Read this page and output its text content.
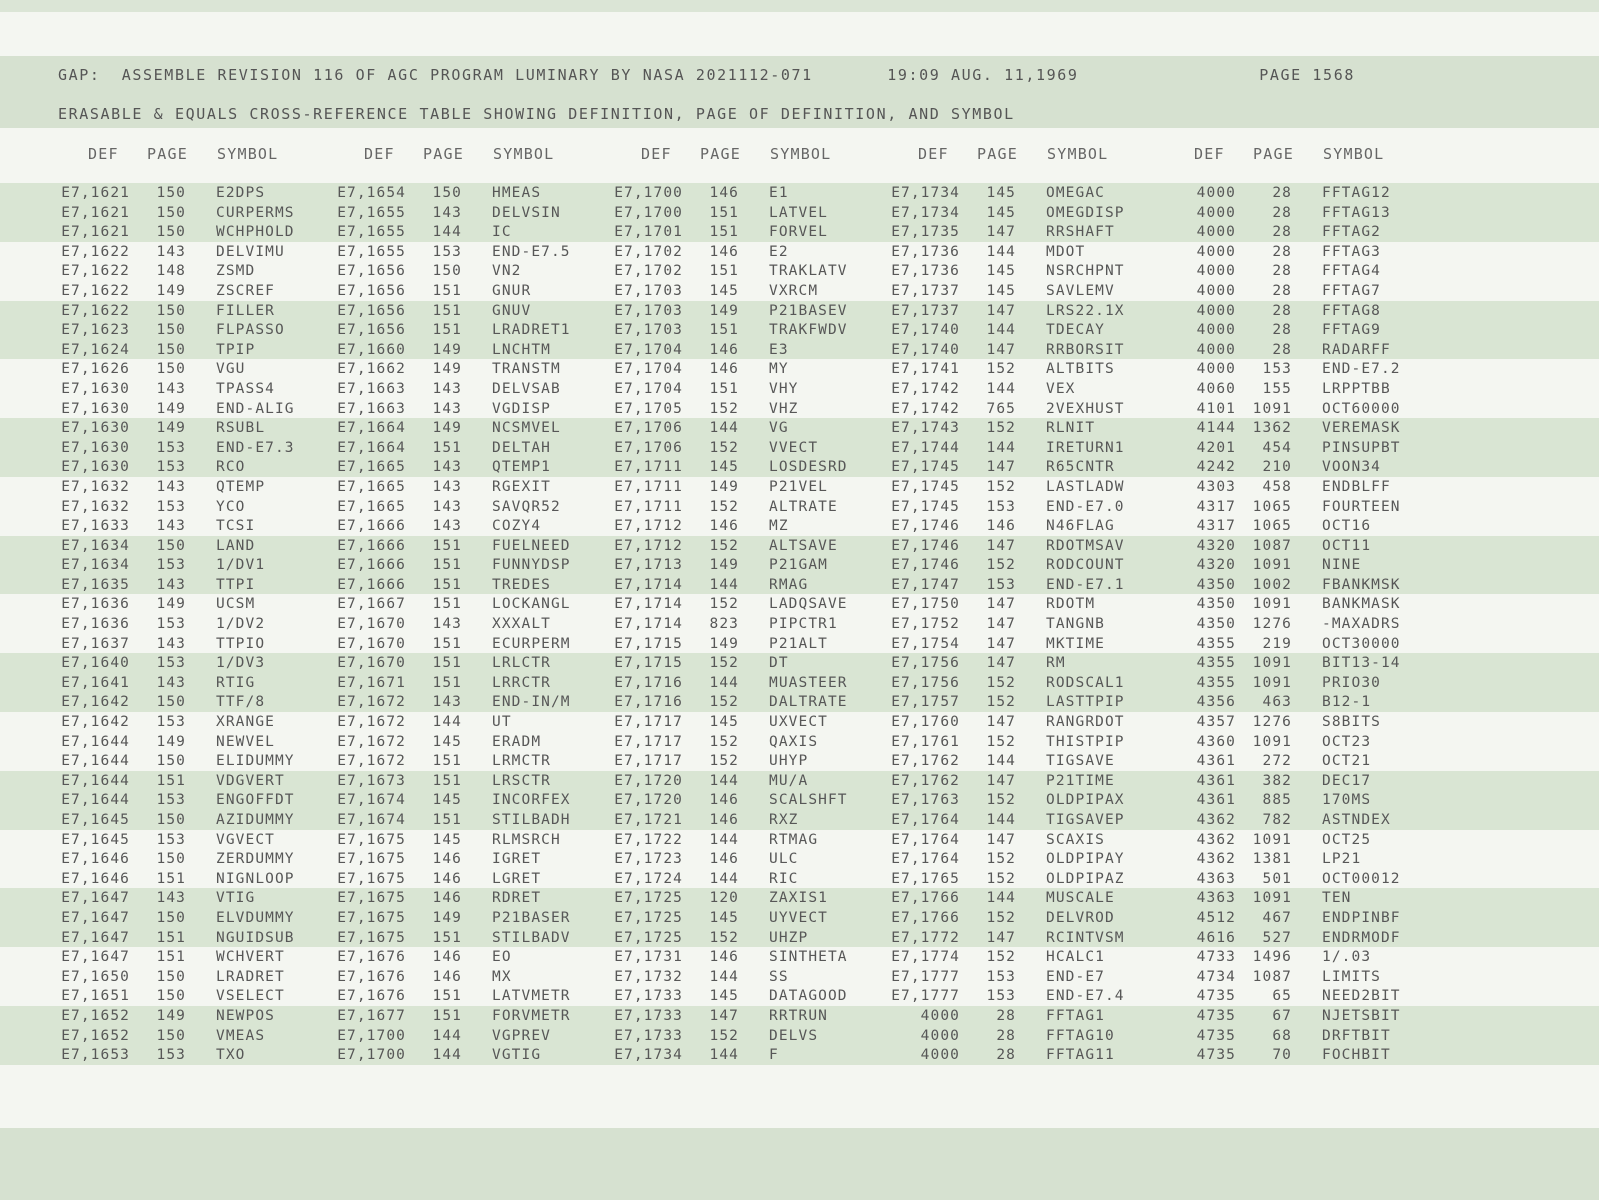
GAP:  ASSEMBLE REVISION 116 OF AGC PROGRAM LUMINARY BY NASA 2021112-071       19:09 AUG. 11,1969                 PAGE 1568
ERASABLE & EQUALS CROSS-REFERENCE TABLE SHOWING DEFINITION, PAGE OF DEFINITION, AND SYMBOL
DEF PAGE SYMBOL	DEF PAGE SYMBOL	DEF PAGE SYMBOL	DEF PAGE SYMBOL	DEF PAGE SYMBOL
E7,1621	150 E2DPS	E7,1654	150 HMEAS	E7,1700	146 E1	E7,1734	145 OMEGAC	4000	28 FFTAG12
E7,1621	150 CURPERMS	E7,1655	143 DELVSIN	E7,1700	151 LATVEL	E7,1734	145 OMEGDISP	4000	28 FFTAG13
E7,1621	150 WCHPHOLD	E7,1655	144 IC	E7,1701	151 FORVEL	E7,1735	147 RRSHAFT	4000	28 FFTAG2
E7,1622	143 DELVIMU	E7,1655	153 END-E7.5	E7,1702	146 E2	E7,1736	144 MDOT	4000	28 FFTAG3
E7,1622	148 ZSMD	E7,1656	150 VN2	E7,1702	151 TRAKLATV	E7,1736	145 NSRCHPNT	4000	28 FFTAG4
E7,1622	149 ZSCREF	E7,1656	151 GNUR	E7,1703	145 VXRCM	E7,1737	145 SAVLEMV	4000	28 FFTAG7
E7,1622	150 FILLER	E7,1656	151 GNUV	E7,1703	149 P21BASEV	E7,1737	147 LRS22.1X	4000	28 FFTAG8
E7,1623	150 FLPASSO	E7,1656	151 LRADRET1	E7,1703	151 TRAKFWDV	E7,1740	144 TDECAY	4000	28 FFTAG9
E7,1624	150 TPIP	E7,1660	149 LNCHTM	E7,1704	146 E3	E7,1740	147 RRBORSIT	4000	28 RADARFF
E7,1626	150 VGU	E7,1662	149 TRANSTM	E7,1704	146 MY	E7,1741	152 ALTBITS	4000	153 END-E7.2
E7,1630	143 TPASS4	E7,1663	143 DELVSAB	E7,1704	151 VHY	E7,1742	144 VEX	4060	155 LRPPTBB
E7,1630	149 END-ALIG	E7,1663	143 VGDISP	E7,1705	152 VHZ	E7,1742	765 2VEXHUST	4101	1091 OCT60000
E7,1630	149 RSUBL	E7,1664	149 NCSMVEL	E7,1706	144 VG	E7,1743	152 RLNIT	4144	1362 VEREMASK
E7,1630	153 END-E7.3	E7,1664	151 DELTAH	E7,1706	152 VVECT	E7,1744	144 IRETURN1	4201	454 PINSUPBT
E7,1630	153 RCO	E7,1665	143 QTEMP1	E7,1711	145 LOSDESRD	E7,1745	147 R65CNTR	4242	210 VOON34
E7,1632	143 QTEMP	E7,1665	143 RGEXIT	E7,1711	149 P21VEL	E7,1745	152 LASTLADW	4303	458 ENDBLFF
E7,1632	153 YCO	E7,1665	143 SAVQR52	E7,1711	152 ALTRATE	E7,1745	153 END-E7.0	4317	1065 FOURTEEN
E7,1633	143 TCSI	E7,1666	143 COZY4	E7,1712	146 MZ	E7,1746	146 N46FLAG	4317	1065 OCT16
E7,1634	150 LAND	E7,1666	151 FUELNEED	E7,1712	152 ALTSAVE	E7,1746	147 RDOTMSAV	4320	1087 OCT11
E7,1634	153 1/DV1	E7,1666	151 FUNNYDSP	E7,1713	149 P21GAM	E7,1746	152 RODCOUNT	4320	1091 NINE
E7,1635	143 TTPI	E7,1666	151 TREDES	E7,1714	144 RMAG	E7,1747	153 END-E7.1	4350	1002 FBANKMSK
E7,1636	149 UCSM	E7,1667	151 LOCKANGL	E7,1714	152 LADQSAVE	E7,1750	147 RDOTM	4350	1091 BANKMASK
E7,1636	153 1/DV2	E7,1670	143 XXXALT	E7,1714	823 PIPCTR1	E7,1752	147 TANGNB	4350	1276 -MAXADRS
E7,1637	143 TTPIO	E7,1670	151 ECURPERM	E7,1715	149 P21ALT	E7,1754	147 MKTIME	4355	219 OCT30000
E7,1640	153 1/DV3	E7,1670	151 LRLCTR	E7,1715	152 DT	E7,1756	147 RM	4355	1091 BIT13-14
E7,1641	143 RTIG	E7,1671	151 LRRCTR	E7,1716	144 MUASTEER	E7,1756	152 RODSCAL1	4355	1091 PRIO30
E7,1642	150 TTF/8	E7,1672	143 END-IN/M	E7,1716	152 DALTRATE	E7,1757	152 LASTTPIP	4356	463 B12-1
E7,1642	153 XRANGE	E7,1672	144 UT	E7,1717	145 UXVECT	E7,1760	147 RANGRDOT	4357	1276 S8BITS
E7,1644	149 NEWVEL	E7,1672	145 ERADM	E7,1717	152 QAXIS	E7,1761	152 THISTPIP	4360	1091 OCT23
E7,1644	150 ELIDUMMY	E7,1672	151 LRMCTR	E7,1717	152 UHYP	E7,1762	144 TIGSAVE	4361	272 OCT21
E7,1644	151 VDGVERT	E7,1673	151 LRSCTR	E7,1720	144 MU/A	E7,1762	147 P21TIME	4361	382 DEC17
E7,1644	153 ENGOFFDT	E7,1674	145 INCORFEX	E7,1720	146 SCALSHFT	E7,1763	152 OLDPIPAX	4361	885 170MS
E7,1645	150 AZIDUMMY	E7,1674	151 STILBADH	E7,1721	146 RXZ	E7,1764	144 TIGSAVEP	4362	782 ASTNDEX
E7,1645	153 VGVECT	E7,1675	145 RLMSRCH	E7,1722	144 RTMAG	E7,1764	147 SCAXIS	4362	1091 OCT25
E7,1646	150 ZERDUMMY	E7,1675	146 IGRET	E7,1723	146 ULC	E7,1764	152 OLDPIPAY	4362	1381 LP21
E7,1646	151 NIGNLOOP	E7,1675	146 LGRET	E7,1724	144 RIC	E7,1765	152 OLDPIPAZ	4363	501 OCT00012
E7,1647	143 VTIG	E7,1675	146 RDRET	E7,1725	120 ZAXIS1	E7,1766	144 MUSCALE	4363	1091 TEN
E7,1647	150 ELVDUMMY	E7,1675	149 P21BASER	E7,1725	145 UYVECT	E7,1766	152 DELVROD	4512	467 ENDPINBF
E7,1647	151 NGUIDSUB	E7,1675	151 STILBADV	E7,1725	152 UHZP	E7,1772	147 RCINTVSM	4616	527 ENDRMODF
E7,1647	151 WCHVERT	E7,1676	146 EO	E7,1731	146 SINTHETA	E7,1774	152 HCALC1	4733	1496 1/.03
E7,1650	150 LRADRET	E7,1676	146 MX	E7,1732	144 SS	E7,1777	153 END-E7	4734	1087 LIMITS
E7,1651	150 VSELECT	E7,1676	151 LATVMETR	E7,1733	145 DATAGOOD	E7,1777	153 END-E7.4	4735	65 NEED2BIT
E7,1652	149 NEWPOS	E7,1677	151 FORVMETR	E7,1733	147 RRTRUN	4000	28 FFTAG1	4735	67 NJETSBIT
E7,1652	150 VMEAS	E7,1700	144 VGPREV	E7,1733	152 DELVS	4000	28 FFTAG10	4735	68 DRFTBIT
E7,1653	153 TXO	E7,1700	144 VGTIG	E7,1734	144 F	4000	28 FFTAG11	4735	70 FOCHBIT
